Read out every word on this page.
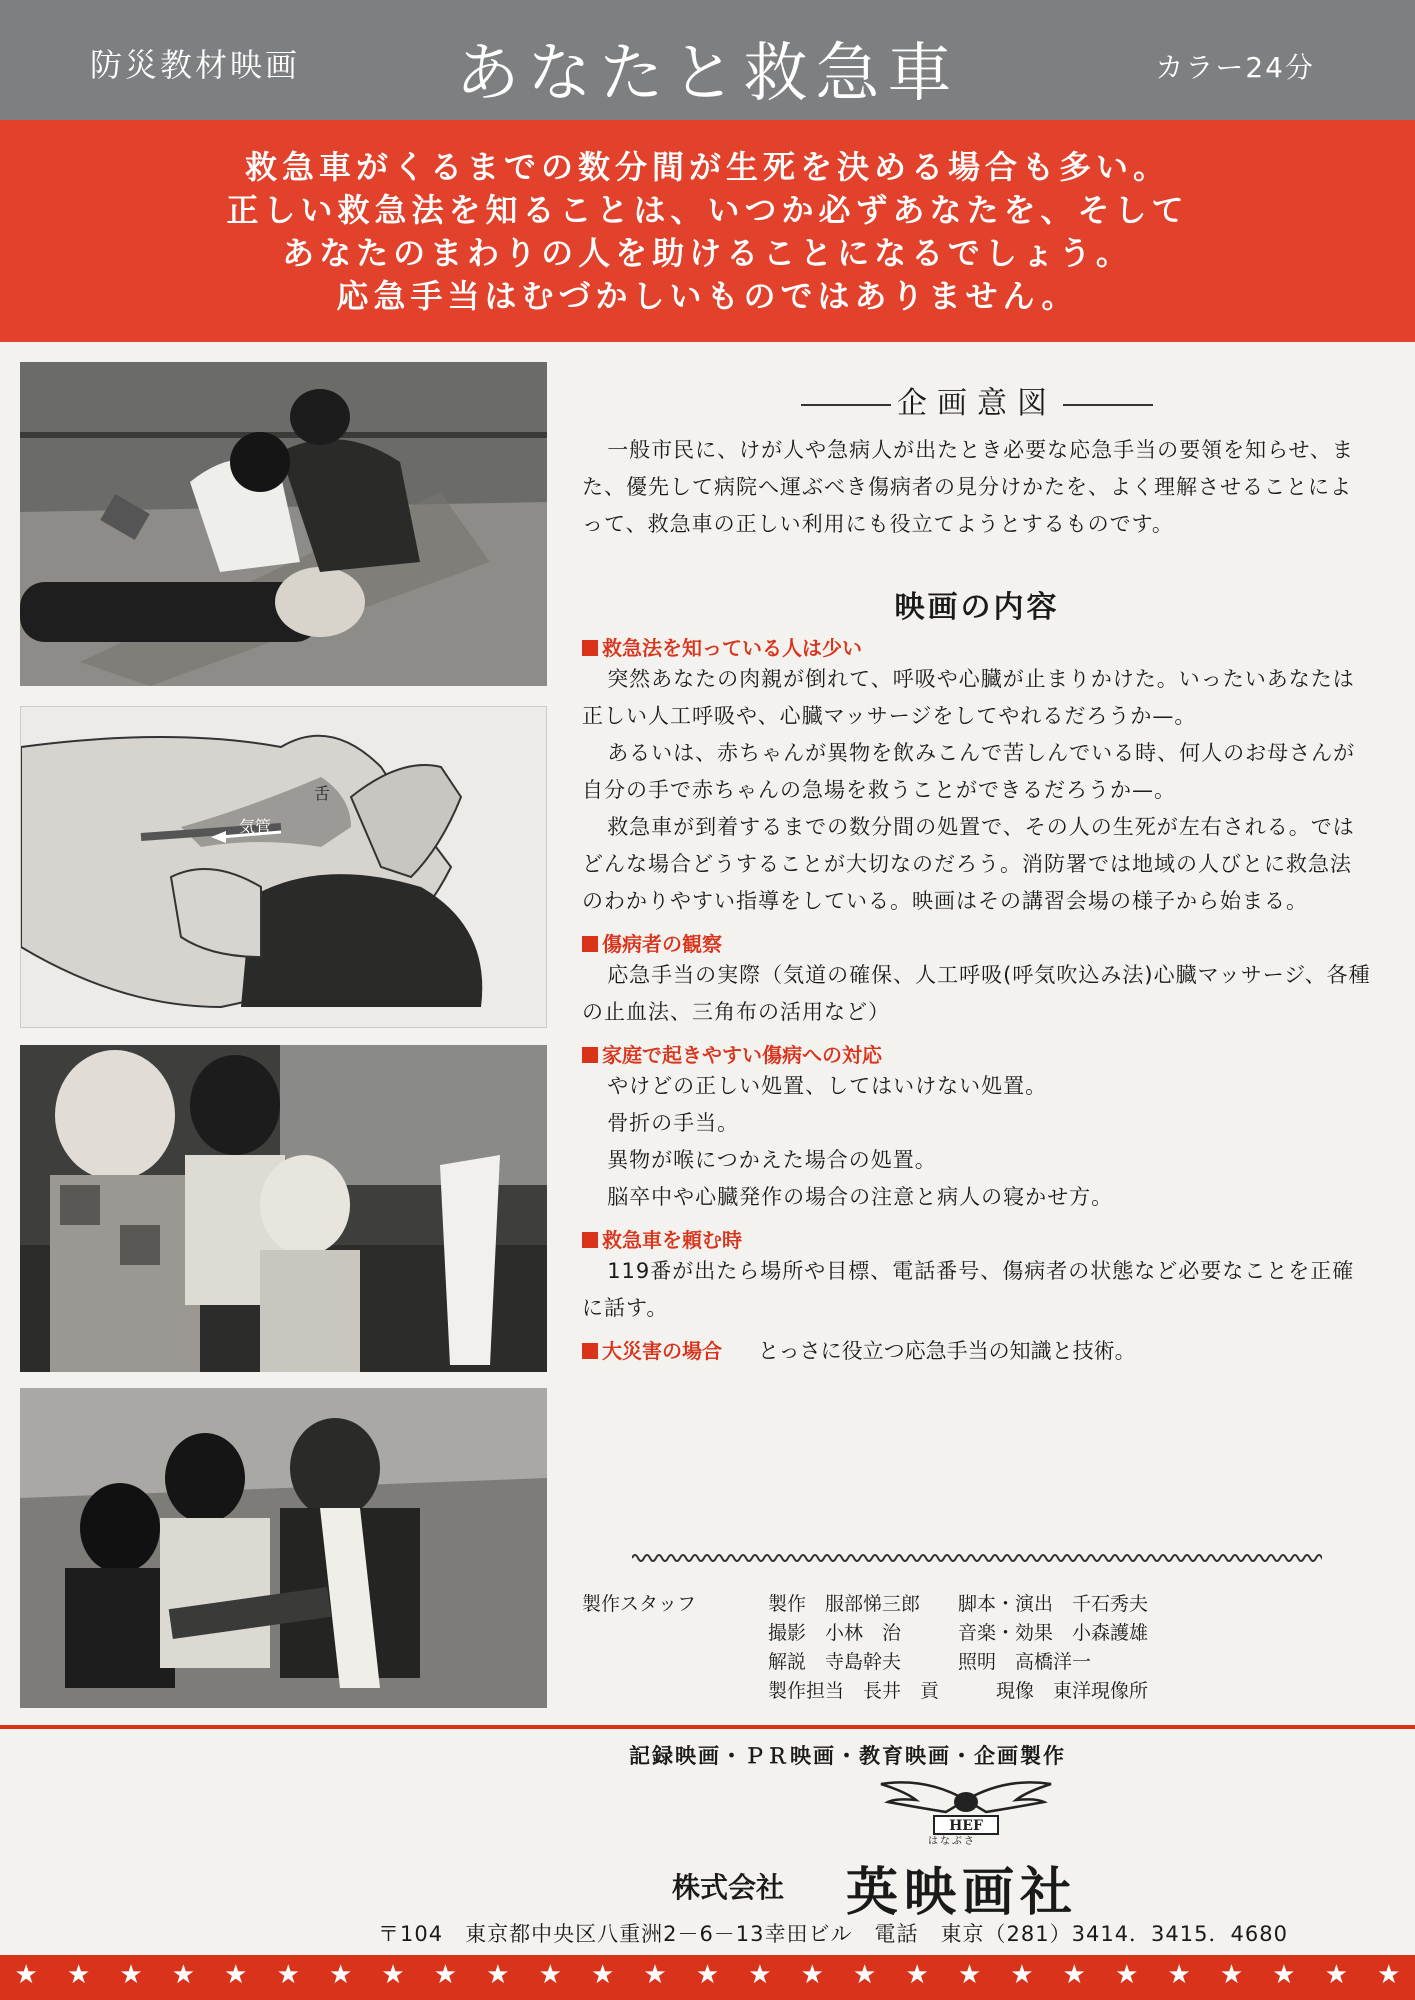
防災教材映画	あなたと救急車	カラー24分
救急車がくるまでの数分間が生死を決める場合も多い。
正しい救急法を知ることは、いつか必ずあなたを、そして
あなたのまわりの人を助けることになるでしょう。
応急手当はむづかしいものではありません。
舌
気管
企画意図
一般市民に、けが人や急病人が出たとき必要な応急手当の要領を知らせ、また、優先して病院へ運ぶべき傷病者の見分けかたを、よく理解させることによって、救急車の正しい利用にも役立てようとするものです。
映画の内容
救急法を知っている人は少い
突然あなたの肉親が倒れて、呼吸や心臓が止まりかけた。いったいあなたは正しい人工呼吸や、心臓マッサージをしてやれるだろうか—。
あるいは、赤ちゃんが異物を飲みこんで苦しんでいる時、何人のお母さんが自分の手で赤ちゃんの急場を救うことができるだろうか—。
救急車が到着するまでの数分間の処置で、その人の生死が左右される。ではどんな場合どうすることが大切なのだろう。消防署では地域の人びとに救急法のわかりやすい指導をしている。映画はその講習会場の様子から始まる。
傷病者の観察
応急手当の実際（気道の確保、人工呼吸(呼気吹込み法)心臓マッサージ、各種の止血法、三角布の活用など）
家庭で起きやすい傷病への対応
やけどの正しい処置、してはいけない処置。
骨折の手当。
異物が喉につかえた場合の処置。
脳卒中や心臓発作の場合の注意と病人の寝かせ方。
救急車を頼む時
119番が出たら場所や目標、電話番号、傷病者の状態など必要なことを正確に話す。
大災害の場合 とっさに役立つ応急手当の知識と技術。
製作スタッフ	製作　服部悌三郎　　脚本・演出　千石秀夫
撮影　小林　治　　　音楽・効果　小森護雄
解説　寺島幹夫　　　照明　高橋洋一
製作担当　長井　貢　　　現像　東洋現像所
記録映画・ＰＲ映画・教育映画・企画製作
HEF
はなぶさ
株式会社 英映画社
〒104　東京都中央区八重洲2－6－13幸田ビル　電話　東京（281）3414．3415．4680
★ ★ ★ ★ ★ ★ ★ ★ ★ ★ ★ ★ ★ ★ ★ ★ ★ ★ ★ ★ ★ ★ ★ ★ ★ ★ ★
